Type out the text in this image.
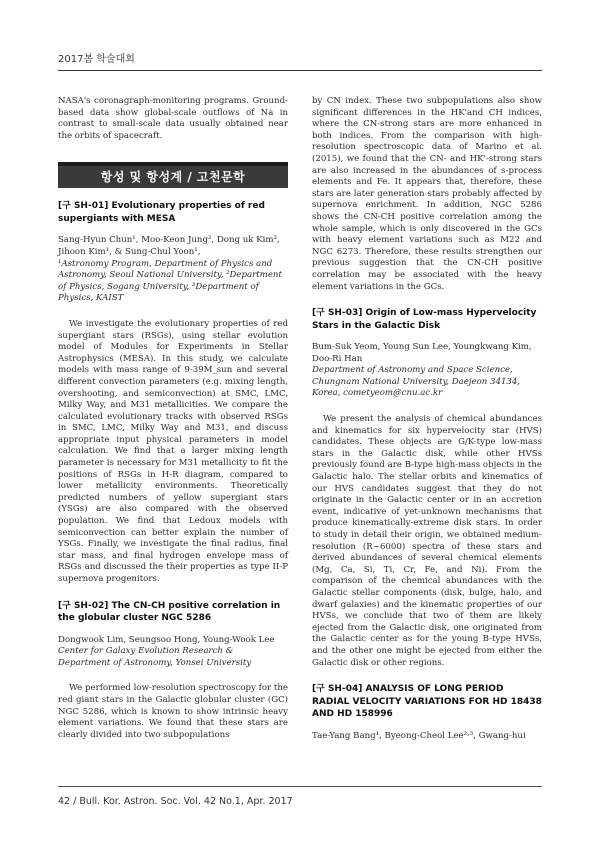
2017봄 학술대회

NASA's coronagraph-monitoring programs. Ground-based data show global-scale outflows of Na in contrast to small-scale data usually obtained near the orbits of spacecraft.

항성 및 항성계 / 고천문학
[구 SH-01] Evolutionary properties of red supergiants with MESA
Sang-Hyun Chun¹, Moo-Keon Jung², Dong uk Kim³, Jihoon Kim¹, & Sung-Chul Yoon¹,
¹Astronomy Program, Department of Physics and Astronomy, Seoul National University, ²Department of Physics, Sogang University, ³Department of Physics, KAIST

We investigate the evolutionary properties of red supergiant stars (RSGs), using stellar evolution model of Modules for Experiments in Stellar Astrophysics (MESA). In this study, we calculate models with mass range of 9-39M_sun and several different convection parameters (e.g. mixing length, overshooting, and semiconvection) at SMC, LMC, Milky Way, and M31 metallicities. We compare the calculated evolutionary tracks with observed RSGs in SMC, LMC, Milky Way and M31, and discuss appropriate input physical parameters in model calculation. We find that a larger mixing length parameter is necessary for M31 metallicity to fit the positions of RSGs in H-R diagram, compared to lower metallicity environments. Theoretically predicted numbers of yellow supergiant stars (YSGs) are also compared with the observed population. We find that Ledoux models with semiconvection can better explain the number of YSGs. Finally, we investigate the final radius, final star mass, and final hydrogen envelope mass of RSGs and discussed the their properties as type II-P supernova progenitors.

[구 SH-02] The CN-CH positive correlation in the globular cluster NGC 5286
Dongwook Lim, Seungsoo Hong, Young-Wook Lee
Center for Galaxy Evolution Research & Department of Astronomy, Yonsei University

We performed low-resolution spectroscopy for the red giant stars in the Galactic globular cluster (GC) NGC 5286, which is known to show intrinsic heavy element variations. We found that these stars are clearly divided into two subpopulations

by CN index. These two subpopulations also show significant differences in the HK'and CH indices, where the CN-strong stars are more enhanced in both indices. From the comparison with high-resolution spectroscopic data of Marino et al. (2015), we found that the CN- and HK'-strong stars are also increased in the abundances of s-process elements and Fe. It appears that, therefore, these stars are later generation stars probably affected by supernova enrichment. In addition, NGC 5286 shows the CN-CH positive correlation among the whole sample, which is only discovered in the GCs with heavy element variations such as M22 and NGC 6273. Therefore, these results strengthen our previous suggestion that the CN-CH positive correlation may be associated with the heavy element variations in the GCs.

[구 SH-03] Origin of Low-mass Hypervelocity Stars in the Galactic Disk
Bum-Suk Yeom, Young Sun Lee, Youngkwang Kim, Doo-Ri Han
Department of Astronomy and Space Science, Chungnam National University, Daejeon 34134, Korea, cometyeom@cnu.ac.kr

We present the analysis of chemical abundances and kinematics for six hypervelocity star (HVS) candidates. These objects are G/K-type low-mass stars in the Galactic disk, while other HVSs previously found are B-type high-mass objects in the Galactic halo. The stellar orbits and kinematics of our HVS candidates suggest that they do not originate in the Galactic center or in an accretion event, indicative of yet-unknown mechanisms that produce kinematically-extreme disk stars. In order to study in detail their origin, we obtained medium-resolution (R~6000) spectra of these stars and derived abundances of several chemical elements (Mg, Ca, Si, Ti, Cr, Fe, and Ni). From the comparison of the chemical abundances with the Galactic stellar components (disk, bulge, halo, and dwarf galaxies) and the kinematic properties of our HVSs, we conclude that two of them are likely ejected from the Galactic disk, one originated from the Galactic center as for the young B-type HVSs, and the other one might be ejected from either the Galactic disk or other regions.

[구 SH-04] ANALYSIS OF LONG PERIOD RADIAL VELOCITY VARIATIONS FOR HD 18438 AND HD 158996
Tae-Yang Bang¹, Byeong-Cheol Lee²˒³, Gwang-hui
42 / Bull. Kor. Astron. Soc. Vol. 42 No.1, Apr. 2017
